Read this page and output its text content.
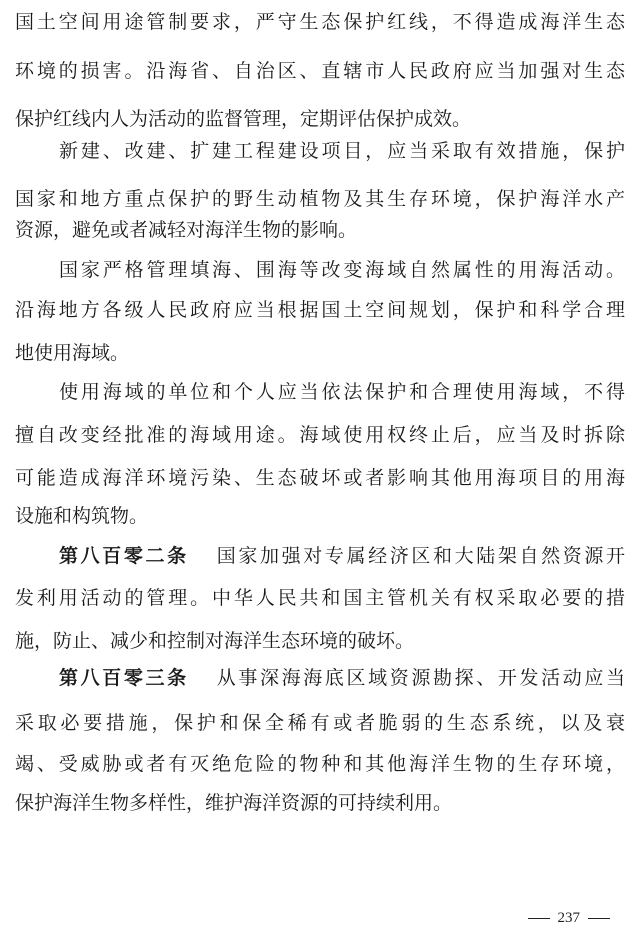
国土空间用途管制要求，严守生态保护红线，不得造成海洋生态
环境的损害。沿海省、自治区、直辖市人民政府应当加强对生态
保护红线内人为活动的监督管理，定期评估保护成效。
新建、改建、扩建工程建设项目，应当采取有效措施，保护
国家和地方重点保护的野生动植物及其生存环境，保护海洋水产
资源，避免或者减轻对海洋生物的影响。
国家严格管理填海、围海等改变海域自然属性的用海活动。
沿海地方各级人民政府应当根据国土空间规划，保护和科学合理
地使用海域。
使用海域的单位和个人应当依法保护和合理使用海域，不得
擅自改变经批准的海域用途。海域使用权终止后，应当及时拆除
可能造成海洋环境污染、生态破坏或者影响其他用海项目的用海
设施和构筑物。
第八百零二条 国家加强对专属经济区和大陆架自然资源开
发利用活动的管理。中华人民共和国主管机关有权采取必要的措
施，防止、减少和控制对海洋生态环境的破坏。
第八百零三条 从事深海海底区域资源勘探、开发活动应当
采取必要措施，保护和保全稀有或者脆弱的生态系统，以及衰
竭、受威胁或者有灭绝危险的物种和其他海洋生物的生存环境，
保护海洋生物多样性，维护海洋资源的可持续利用。
237
